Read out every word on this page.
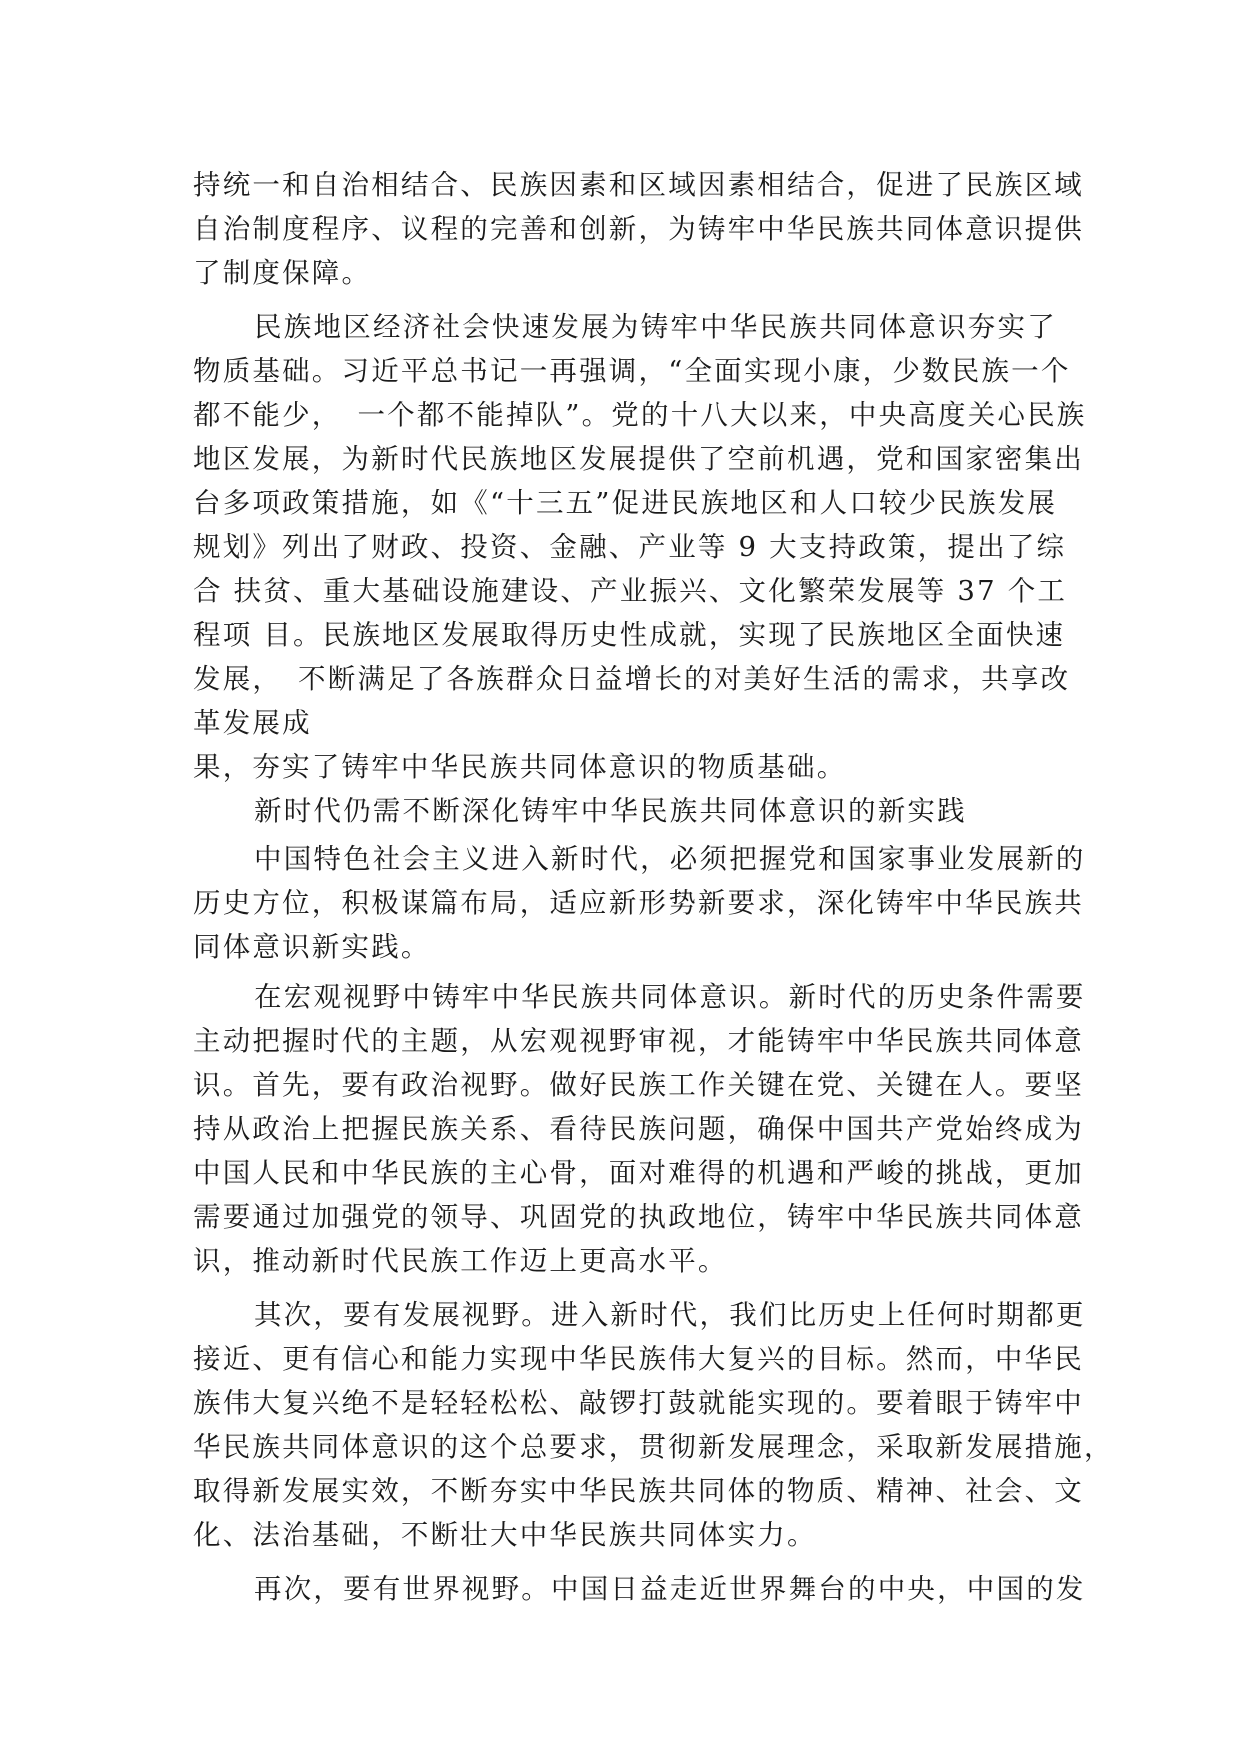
持统一和自治相结合、民族因素和区域因素相结合，促进了民族区域
自治制度程序、议程的完善和创新，为铸牢中华民族共同体意识提供
了制度保障。

民族地区经济社会快速发展为铸牢中华民族共同体意识夯实了
物质基础。习近平总书记一再强调，“全面实现小康，少数民族一个
都不能少，　一个都不能掉队”。党的十八大以来，中央高度关心民族
地区发展，为新时代民族地区发展提供了空前机遇，党和国家密集出
台多项政策措施，如《“十三五”促进民族地区和人口较少民族发展
规划》列出了财政、投资、金融、产业等 9 大支持政策，提出了综
合 扶贫、重大基础设施建设、产业振兴、文化繁荣发展等 37 个工
程项 目。民族地区发展取得历史性成就，实现了民族地区全面快速
发展，　不断满足了各族群众日益增长的对美好生活的需求，共享改
革发展成
果，夯实了铸牢中华民族共同体意识的物质基础。

新时代仍需不断深化铸牢中华民族共同体意识的新实践

中国特色社会主义进入新时代，必须把握党和国家事业发展新的
历史方位，积极谋篇布局，适应新形势新要求，深化铸牢中华民族共
同体意识新实践。

在宏观视野中铸牢中华民族共同体意识。新时代的历史条件需要
主动把握时代的主题，从宏观视野审视，才能铸牢中华民族共同体意
识。首先，要有政治视野。做好民族工作关键在党、关键在人。要坚
持从政治上把握民族关系、看待民族问题，确保中国共产党始终成为
中国人民和中华民族的主心骨，面对难得的机遇和严峻的挑战，更加
需要通过加强党的领导、巩固党的执政地位，铸牢中华民族共同体意
识，推动新时代民族工作迈上更高水平。

其次，要有发展视野。进入新时代，我们比历史上任何时期都更
接近、更有信心和能力实现中华民族伟大复兴的目标。然而，中华民
族伟大复兴绝不是轻轻松松、敲锣打鼓就能实现的。要着眼于铸牢中
华民族共同体意识的这个总要求，贯彻新发展理念，采取新发展措施，
取得新发展实效，不断夯实中华民族共同体的物质、精神、社会、文
化、法治基础，不断壮大中华民族共同体实力。

再次，要有世界视野。中国日益走近世界舞台的中央，中国的发
